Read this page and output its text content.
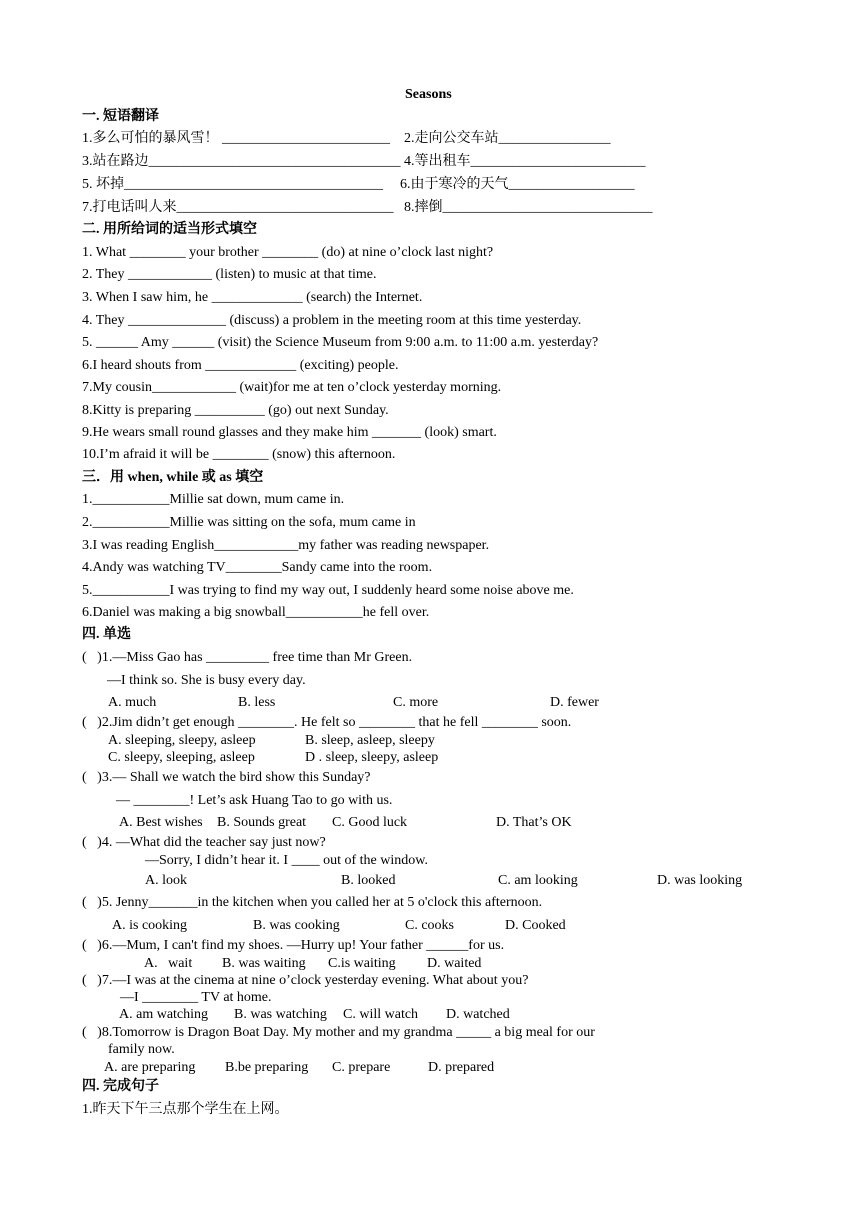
Seasons
一. 短语翻译
1.多么可怕的暴风雪！ ________________________ 2.走向公交车站________________
3.站在路边____________________________________ 4.等出租车_________________________
5. 坏掉_____________________________________ 6.由于寒冷的天气__________________
7.打电话叫人来_______________________________ 8.摔倒______________________________
二. 用所给词的适当形式填空
1. What ________ your brother ________ (do) at nine o’clock last night?
2. They ____________ (listen) to music at that time.
3. When I saw him, he _____________ (search) the Internet.
4. They ______________ (discuss) a problem in the meeting room at this time yesterday.
5. ______ Amy ______ (visit) the Science Museum from 9:00 a.m. to 11:00 a.m. yesterday?
6.I heard shouts from _____________ (exciting) people.
7.My cousin____________ (wait)for me at ten o’clock yesterday morning.
8.Kitty is preparing __________ (go) out next Sunday.
9.He wears small round glasses and they make him _______ (look) smart.
10.I’m afraid it will be ________ (snow) this afternoon.
三．用 when, while 或 as 填空
1.___________Millie sat down, mum came in.
2.___________Millie was sitting on the sofa, mum came in
3.I was reading English____________my father was reading newspaper.
4.Andy was watching TV________Sandy came into the room.
5.___________I was trying to find my way out, I suddenly heard some noise above me.
6.Daniel was making a big snowball___________he fell over.
四. 单选
(   )1.—Miss Gao has _________ free time than Mr Green.
—I think so. She is busy every day.
A. much	B. less	C. more	D. fewer
(   )2.Jim didn’t get enough ________. He felt so ________ that he fell ________ soon.
A. sleeping, sleepy, asleep	B. sleep, asleep, sleepy
C. sleepy, sleeping, asleep	D . sleep, sleepy, asleep
(   )3.— Shall we watch the bird show this Sunday?
— ________! Let’s ask Huang Tao to go with us.
A. Best wishes B. Sounds great C. Good luck	D. That’s OK
(   )4. —What did the teacher say just now?
—Sorry, I didn’t hear it. I ____ out of the window.
A. look	B. looked	C. am looking	D. was looking
(   )5. Jenny_______in the kitchen when you called her at 5 o'clock this afternoon.
A. is cooking	B. was cooking	C. cooks	D. Cooked
(   )6.—Mum, I can't find my shoes. —Hurry up! Your father ______for us.
A.   wait B. was waiting C.is waiting D. waited
(   )7.—I was at the cinema at nine o’clock yesterday evening. What about you?
—I ________ TV at home.
A. am watching B. was watching C. will watch D. watched
(   )8.Tomorrow is Dragon Boat Day. My mother and my grandma _____ a big meal for our
family now.
A. are preparing B.be preparing C. prepare	D. prepared
四. 完成句子
1.昨天下午三点那个学生在上网。
